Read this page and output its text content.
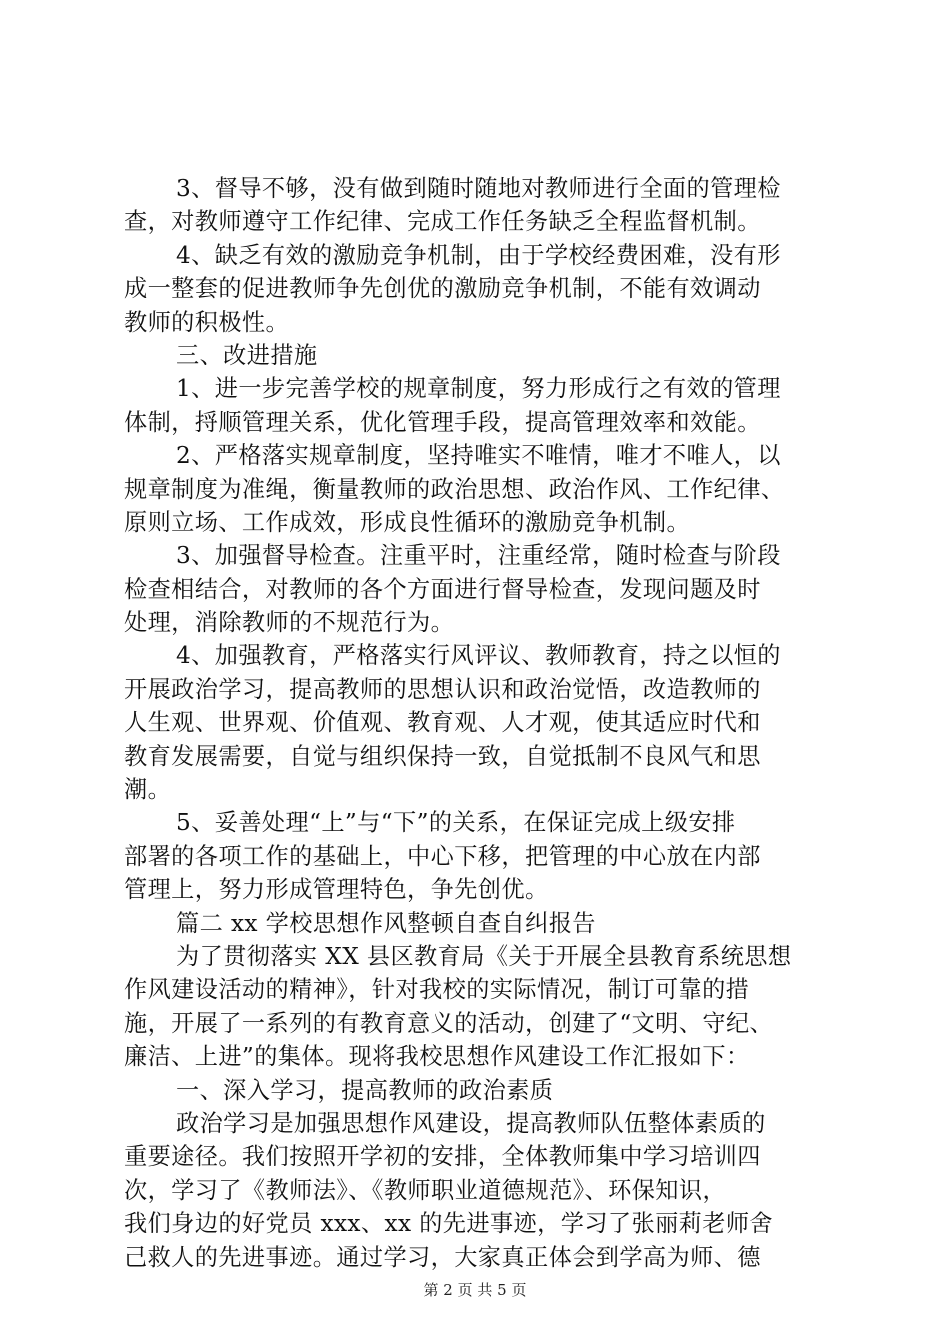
3、督导不够，没有做到随时随地对教师进行全面的管理检
查，对教师遵守工作纪律、完成工作任务缺乏全程监督机制。
4、缺乏有效的激励竞争机制，由于学校经费困难，没有形
成一整套的促进教师争先创优的激励竞争机制，不能有效调动
教师的积极性。
三、改进措施
1、进一步完善学校的规章制度，努力形成行之有效的管理
体制，捋顺管理关系，优化管理手段，提高管理效率和效能。
2、严格落实规章制度，坚持唯实不唯情，唯才不唯人，以
规章制度为准绳，衡量教师的政治思想、政治作风、工作纪律、
原则立场、工作成效，形成良性循环的激励竞争机制。
3、加强督导检查。注重平时，注重经常，随时检查与阶段
检查相结合，对教师的各个方面进行督导检查，发现问题及时
处理，消除教师的不规范行为。
4、加强教育，严格落实行风评议、教师教育，持之以恒的
开展政治学习，提高教师的思想认识和政治觉悟，改造教师的
人生观、世界观、价值观、教育观、人才观，使其适应时代和
教育发展需要，自觉与组织保持一致，自觉抵制不良风气和思
潮。
5、妥善处理“上”与“下”的关系，在保证完成上级安排
部署的各项工作的基础上，中心下移，把管理的中心放在内部
管理上，努力形成管理特色，争先创优。
篇二 xx 学校思想作风整顿自查自纠报告
为了贯彻落实 XX 县区教育局《关于开展全县教育系统思想
作风建设活动的精神》，针对我校的实际情况，制订可靠的措
施，开展了一系列的有教育意义的活动，创建了“文明、守纪、
廉洁、上进”的集体。现将我校思想作风建设工作汇报如下：
一、深入学习，提高教师的政治素质
政治学习是加强思想作风建设，提高教师队伍整体素质的
重要途径。我们按照开学初的安排，全体教师集中学习培训四
次，学习了《教师法》、《教师职业道德规范》、环保知识，
我们身边的好党员 xxx、xx 的先进事迹，学习了张丽莉老师舍
己救人的先进事迹。通过学习，大家真正体会到学高为师、德
第 2 页 共 5 页
